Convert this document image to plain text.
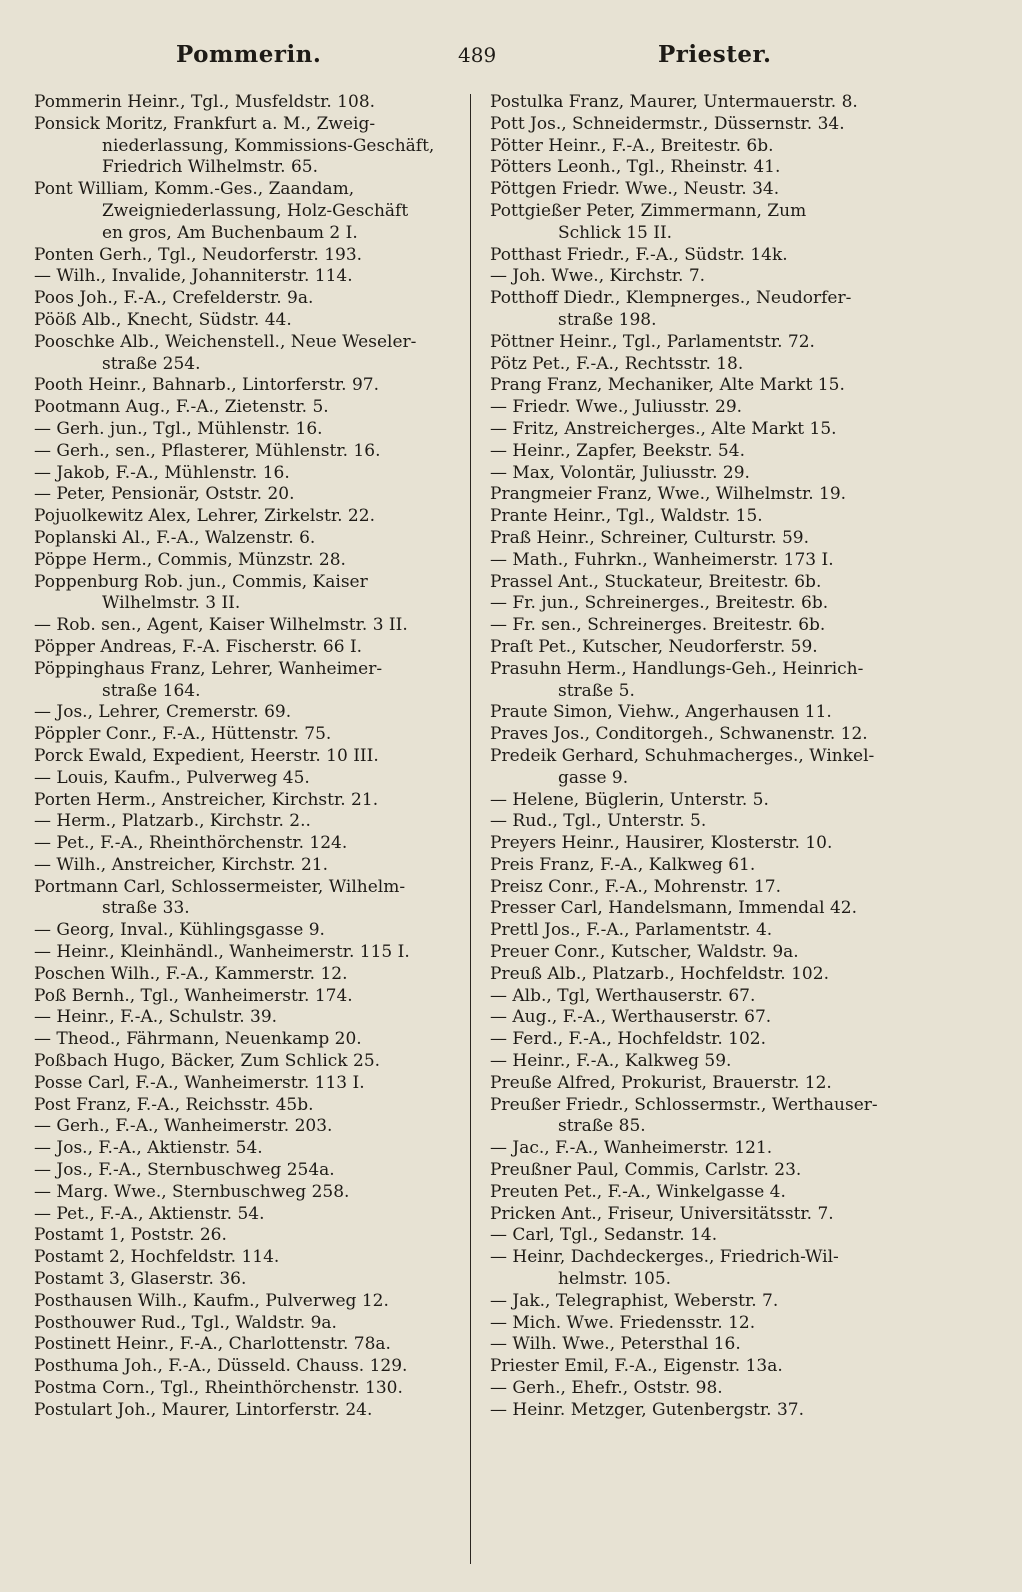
Pommerin.	489	Priester.
Pommerin Heinr., Tgl., Musfeldstr. 108.
Ponsick Moritz, Frankfurt a. M., Zweig-
niederlassung, Kommissions-Geschäft,
Friedrich Wilhelmstr. 65.
Pont William, Komm.-Ges., Zaandam,
Zweigniederlassung, Holz-Geschäft
en gros, Am Buchenbaum 2 I.
Ponten Gerh., Tgl., Neudorferstr. 193.
— Wilh., Invalide, Johanniterstr. 114.
Poos Joh., F.-A., Crefelderstr. 9a.
Pööß Alb., Knecht, Südstr. 44.
Pooschke Alb., Weichenstell., Neue Weseler-
straße 254.
Pooth Heinr., Bahnarb., Lintorferstr. 97.
Pootmann Aug., F.-A., Zietenstr. 5.
— Gerh. jun., Tgl., Mühlenstr. 16.
— Gerh., sen., Pflasterer, Mühlenstr. 16.
— Jakob, F.-A., Mühlenstr. 16.
— Peter, Pensionär, Oststr. 20.
Pojuolkewitz Alex, Lehrer, Zirkelstr. 22.
Poplanski Al., F.-A., Walzenstr. 6.
Pöppe Herm., Commis, Münzstr. 28.
Poppenburg Rob. jun., Commis, Kaiser
Wilhelmstr. 3 II.
— Rob. sen., Agent, Kaiser Wilhelmstr. 3 II.
Pöpper Andreas, F.-A. Fischerstr. 66 I.
Pöppinghaus Franz, Lehrer, Wanheimer-
straße 164.
— Jos., Lehrer, Cremerstr. 69.
Pöppler Conr., F.-A., Hüttenstr. 75.
Porck Ewald, Expedient, Heerstr. 10 III.
— Louis, Kaufm., Pulverweg 45.
Porten Herm., Anstreicher, Kirchstr. 21.
— Herm., Platzarb., Kirchstr. 2..
— Pet., F.-A., Rheinthörchenstr. 124.
— Wilh., Anstreicher, Kirchstr. 21.
Portmann Carl, Schlossermeister, Wilhelm-
straße 33.
— Georg, Inval., Kühlingsgasse 9.
— Heinr., Kleinhändl., Wanheimerstr. 115 I.
Poschen Wilh., F.-A., Kammerstr. 12.
Poß Bernh., Tgl., Wanheimerstr. 174.
— Heinr., F.-A., Schulstr. 39.
— Theod., Fährmann, Neuenkamp 20.
Poßbach Hugo, Bäcker, Zum Schlick 25.
Posse Carl, F.-A., Wanheimerstr. 113 I.
Post Franz, F.-A., Reichsstr. 45b.
— Gerh., F.-A., Wanheimerstr. 203.
— Jos., F.-A., Aktienstr. 54.
— Jos., F.-A., Sternbuschweg 254a.
— Marg. Wwe., Sternbuschweg 258.
— Pet., F.-A., Aktienstr. 54.
Postamt 1, Poststr. 26.
Postamt 2, Hochfeldstr. 114.
Postamt 3, Glaserstr. 36.
Posthausen Wilh., Kaufm., Pulverweg 12.
Posthouwer Rud., Tgl., Waldstr. 9a.
Postinett Heinr., F.-A., Charlottenstr. 78a.
Posthuma Joh., F.-A., Düsseld. Chauss. 129.
Postma Corn., Tgl., Rheinthörchenstr. 130.
Postulart Joh., Maurer, Lintorferstr. 24.
Postulka Franz, Maurer, Untermauerstr. 8.
Pott Jos., Schneidermstr., Düssernstr. 34.
Pötter Heinr., F.-A., Breitestr. 6b.
Pötters Leonh., Tgl., Rheinstr. 41.
Pöttgen Friedr. Wwe., Neustr. 34.
Pottgießer Peter, Zimmermann, Zum
Schlick 15 II.
Potthast Friedr., F.-A., Südstr. 14k.
— Joh. Wwe., Kirchstr. 7.
Potthoff Diedr., Klempnerges., Neudorfer-
straße 198.
Pöttner Heinr., Tgl., Parlamentstr. 72.
Pötz Pet., F.-A., Rechtsstr. 18.
Prang Franz, Mechaniker, Alte Markt 15.
— Friedr. Wwe., Juliusstr. 29.
— Fritz, Anstreicherges., Alte Markt 15.
— Heinr., Zapfer, Beekstr. 54.
— Max, Volontär, Juliusstr. 29.
Prangmeier Franz, Wwe., Wilhelmstr. 19.
Prante Heinr., Tgl., Waldstr. 15.
Praß Heinr., Schreiner, Culturstr. 59.
— Math., Fuhrkn., Wanheimerstr. 173 I.
Prassel Ant., Stuckateur, Breitestr. 6b.
— Fr. jun., Schreinerges., Breitestr. 6b.
— Fr. sen., Schreinerges. Breitestr. 6b.
Praſt Pet., Kutscher, Neudorferstr. 59.
Prasuhn Herm., Handlungs-Geh., Heinrich-
straße 5.
Praute Simon, Viehw., Angerhausen 11.
Praves Jos., Conditorgeh., Schwanenstr. 12.
Predeik Gerhard, Schuhmacherges., Winkel-
gasse 9.
— Helene, Büglerin, Unterstr. 5.
— Rud., Tgl., Unterstr. 5.
Preyers Heinr., Hausirer, Klosterstr. 10.
Preis Franz, F.-A., Kalkweg 61.
Preisz Conr., F.-A., Mohrenstr. 17.
Presser Carl, Handelsmann, Immendal 42.
Prettl Jos., F.-A., Parlamentstr. 4.
Preuer Conr., Kutscher, Waldstr. 9a.
Preuß Alb., Platzarb., Hochfeldstr. 102.
— Alb., Tgl, Werthauserstr. 67.
— Aug., F.-A., Werthauserstr. 67.
— Ferd., F.-A., Hochfeldstr. 102.
— Heinr., F.-A., Kalkweg 59.
Preuße Alfred, Prokurist, Brauerstr. 12.
Preußer Friedr., Schlossermstr., Werthauser-
straße 85.
— Jac., F.-A., Wanheimerstr. 121.
Preußner Paul, Commis, Carlstr. 23.
Preuten Pet., F.-A., Winkelgasse 4.
Pricken Ant., Friseur, Universitätsstr. 7.
— Carl, Tgl., Sedanstr. 14.
— Heinr, Dachdeckerges., Friedrich-Wil-
helmstr. 105.
— Jak., Telegraphist, Weberstr. 7.
— Mich. Wwe. Friedensstr. 12.
— Wilh. Wwe., Petersthal 16.
Priester Emil, F.-A., Eigenstr. 13a.
— Gerh., Ehefr., Oststr. 98.
— Heinr. Metzger, Gutenbergstr. 37.
